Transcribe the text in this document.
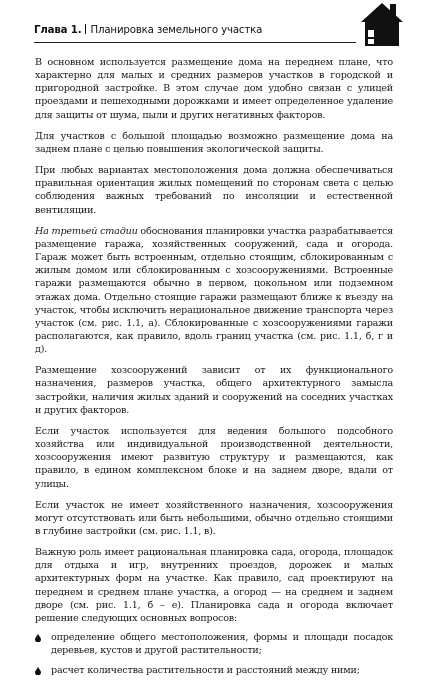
Глава 1. Планировка земельного участка
15

В основном используется размещение дома на переднем плане, что характерно для малых и средних размеров участков в городской и пригородной застройке. В этом случае дом удобно связан с улицей проездами и пешеходными дорожками и имеет определенное удаление для защиты от шума, пыли и других негативных факторов.

Для участков с большой площадью возможно размещение дома на заднем плане с целью повышения экологической защиты.

При любых вариантах местоположения дома должна обеспечиваться правильная ориентация жилых помещений по сторонам света с целью соблюдения важных требований по инсоляции и естественной вентиляции.

На третьей стадии обоснования планировки участка разрабатывается размещение гаража, хозяйственных сооружений, сада и огорода. Гараж может быть встроенным, отдельно стоящим, сблокированным с жилым домом или сблокированным с хозсооружениями. Встроенные гаражи размещаются обычно в первом, цокольном или подземном этажах дома. Отдельно стоящие гаражи размещают ближе к въезду на участок, чтобы исключить нерациональное движение транспорта через участок (см. рис. 1.1, а). Сблокированные с хозсооружениями гаражи располагаются, как правило, вдоль границ участка (см. рис. 1.1, б, г и д).

Размещение хозсооружений зависит от их функционального назначения, размеров участка, общего архитектурного замысла застройки, наличия жилых зданий и сооружений на соседних участках и других факторов.

Если участок используется для ведения большого подсобного хозяйства или индивидуальной производственной деятельности, хозсооружения имеют развитую структуру и размещаются, как правило, в едином комплексном блоке и на заднем дворе, вдали от улицы.

Если участок не имеет хозяйственного назначения, хозсооружения могут отсутствовать или быть небольшими, обычно отдельно стоящими в глубине застройки (см. рис. 1.1, в).

Важную роль имеет рациональная планировка сада, огорода, площадок для отдыха и игр, внутренних проездов, дорожек и малых архитектурных форм на участке. Как правило, сад проектируют на переднем и среднем плане участка, а огород — на среднем и заднем дворе (см. рис. 1.1, б – е). Планировка сада и огорода включает решение следующих основных вопросов:

определение общего местоположения, формы и площади посадок деревьев, кустов и другой растительности;
расчет количества растительности и расстояний между ними;
